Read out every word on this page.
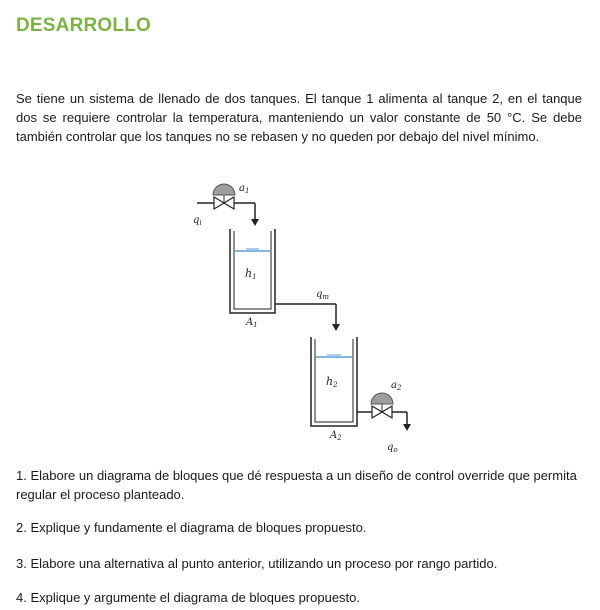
DESARROLLO
Se tiene un sistema de llenado de dos tanques. El tanque 1 alimenta al tanque 2, en el tanque dos se requiere controlar la temperatura, manteniendo un valor constante de 50 °C. Se debe también controlar que los tanques no se rebasen y no queden por debajo del nivel mínimo.
$a_1$
$q_i$
h1
$A_1$
$q_m$
h2
$A_2$
$a_2$
$q_o$
1. Elabore un diagrama de bloques que dé respuesta a un diseño de control override que permita regular el proceso planteado.
2. Explique y fundamente el diagrama de bloques propuesto.
3. Elabore una alternativa al punto anterior, utilizando un proceso por rango partido.
4. Explique y argumente el diagrama de bloques propuesto.
